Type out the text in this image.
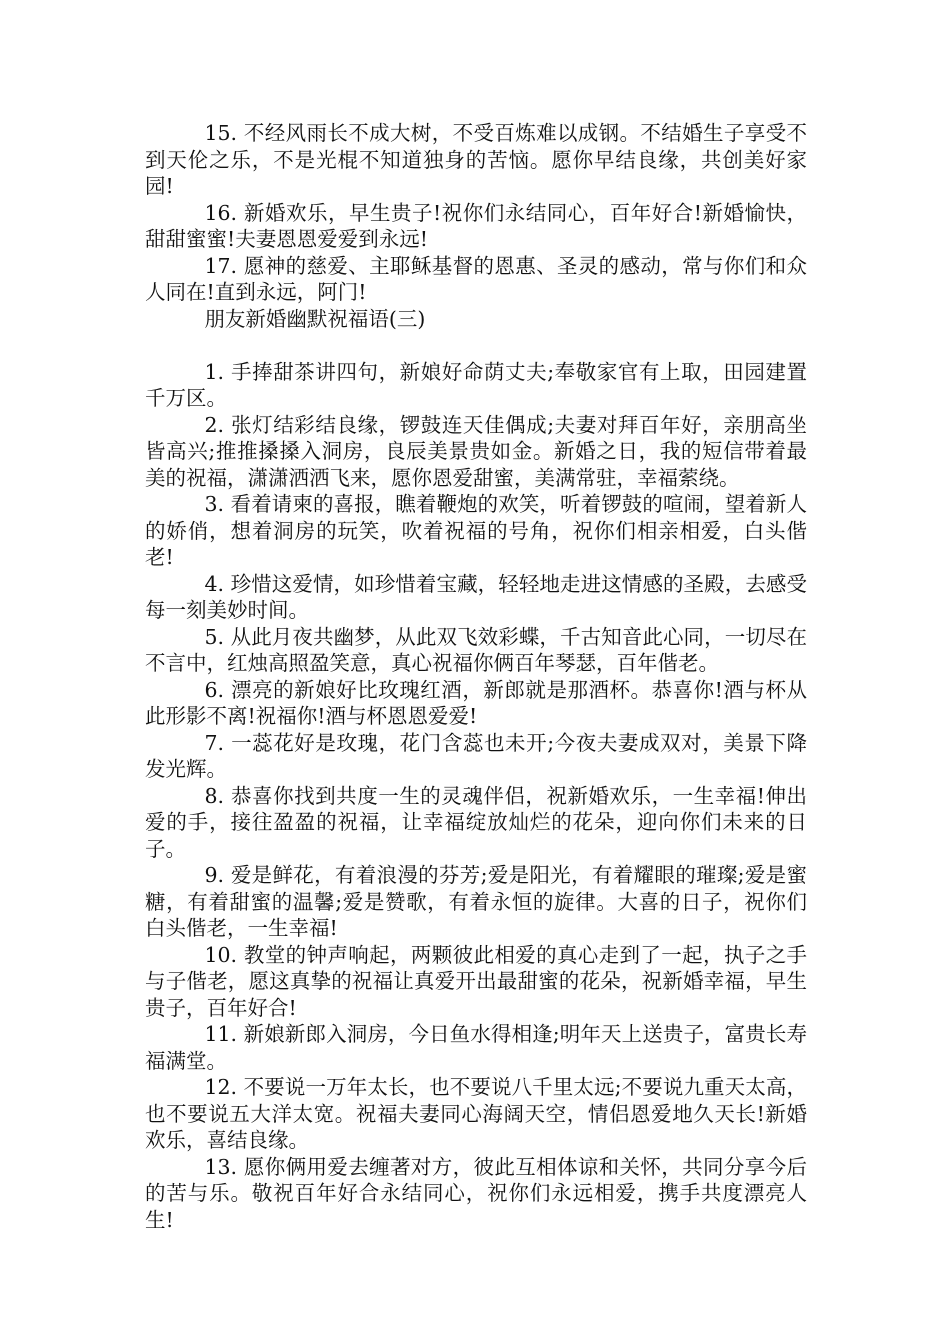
15. 不经风雨长不成大树，不受百炼难以成钢。不结婚生子享受不到天伦之乐，不是光棍不知道独身的苦恼。愿你早结良缘，共创美好家园!

16. 新婚欢乐，早生贵子!祝你们永结同心，百年好合!新婚愉快，甜甜蜜蜜!夫妻恩恩爱爱到永远!

17. 愿神的慈爱、主耶稣基督的恩惠、圣灵的感动，常与你们和众人同在!直到永远，阿门!

朋友新婚幽默祝福语(三)

1. 手捧甜茶讲四句，新娘好命荫丈夫;奉敬家官有上取，田园建置千万区。

2. 张灯结彩结良缘，锣鼓连天佳偶成;夫妻对拜百年好，亲朋高坐皆高兴;推推搡搡入洞房，良辰美景贵如金。新婚之日，我的短信带着最美的祝福，潇潇洒洒飞来，愿你恩爱甜蜜，美满常驻，幸福萦绕。

3. 看着请柬的喜报，瞧着鞭炮的欢笑，听着锣鼓的喧闹，望着新人的娇俏，想着洞房的玩笑，吹着祝福的号角，祝你们相亲相爱，白头偕老!

4. 珍惜这爱情，如珍惜着宝藏，轻轻地走进这情感的圣殿，去感受每一刻美妙时间。

5. 从此月夜共幽梦，从此双飞效彩蝶，千古知音此心同，一切尽在不言中，红烛高照盈笑意，真心祝福你俩百年琴瑟，百年偕老。

6. 漂亮的新娘好比玫瑰红酒，新郎就是那酒杯。恭喜你!酒与杯从此形影不离!祝福你!酒与杯恩恩爱爱!

7. 一蕊花好是玫瑰，花门含蕊也未开;今夜夫妻成双对，美景下降发光辉。

8. 恭喜你找到共度一生的灵魂伴侣，祝新婚欢乐，一生幸福!伸出爱的手，接往盈盈的祝福，让幸福绽放灿烂的花朵，迎向你们未来的日子。

9. 爱是鲜花，有着浪漫的芬芳;爱是阳光，有着耀眼的璀璨;爱是蜜糖，有着甜蜜的温馨;爱是赞歌，有着永恒的旋律。大喜的日子，祝你们白头偕老，一生幸福!

10. 教堂的钟声响起，两颗彼此相爱的真心走到了一起，执子之手与子偕老，愿这真挚的祝福让真爱开出最甜蜜的花朵，祝新婚幸福，早生贵子，百年好合!

11. 新娘新郎入洞房，今日鱼水得相逢;明年天上送贵子，富贵长寿福满堂。

12. 不要说一万年太长，也不要说八千里太远;不要说九重天太高，也不要说五大洋太宽。祝福夫妻同心海阔天空，情侣恩爱地久天长!新婚欢乐，喜结良缘。

13. 愿你俩用爱去缠著对方，彼此互相体谅和关怀，共同分享今后的苦与乐。敬祝百年好合永结同心，祝你们永远相爱，携手共度漂亮人生!
